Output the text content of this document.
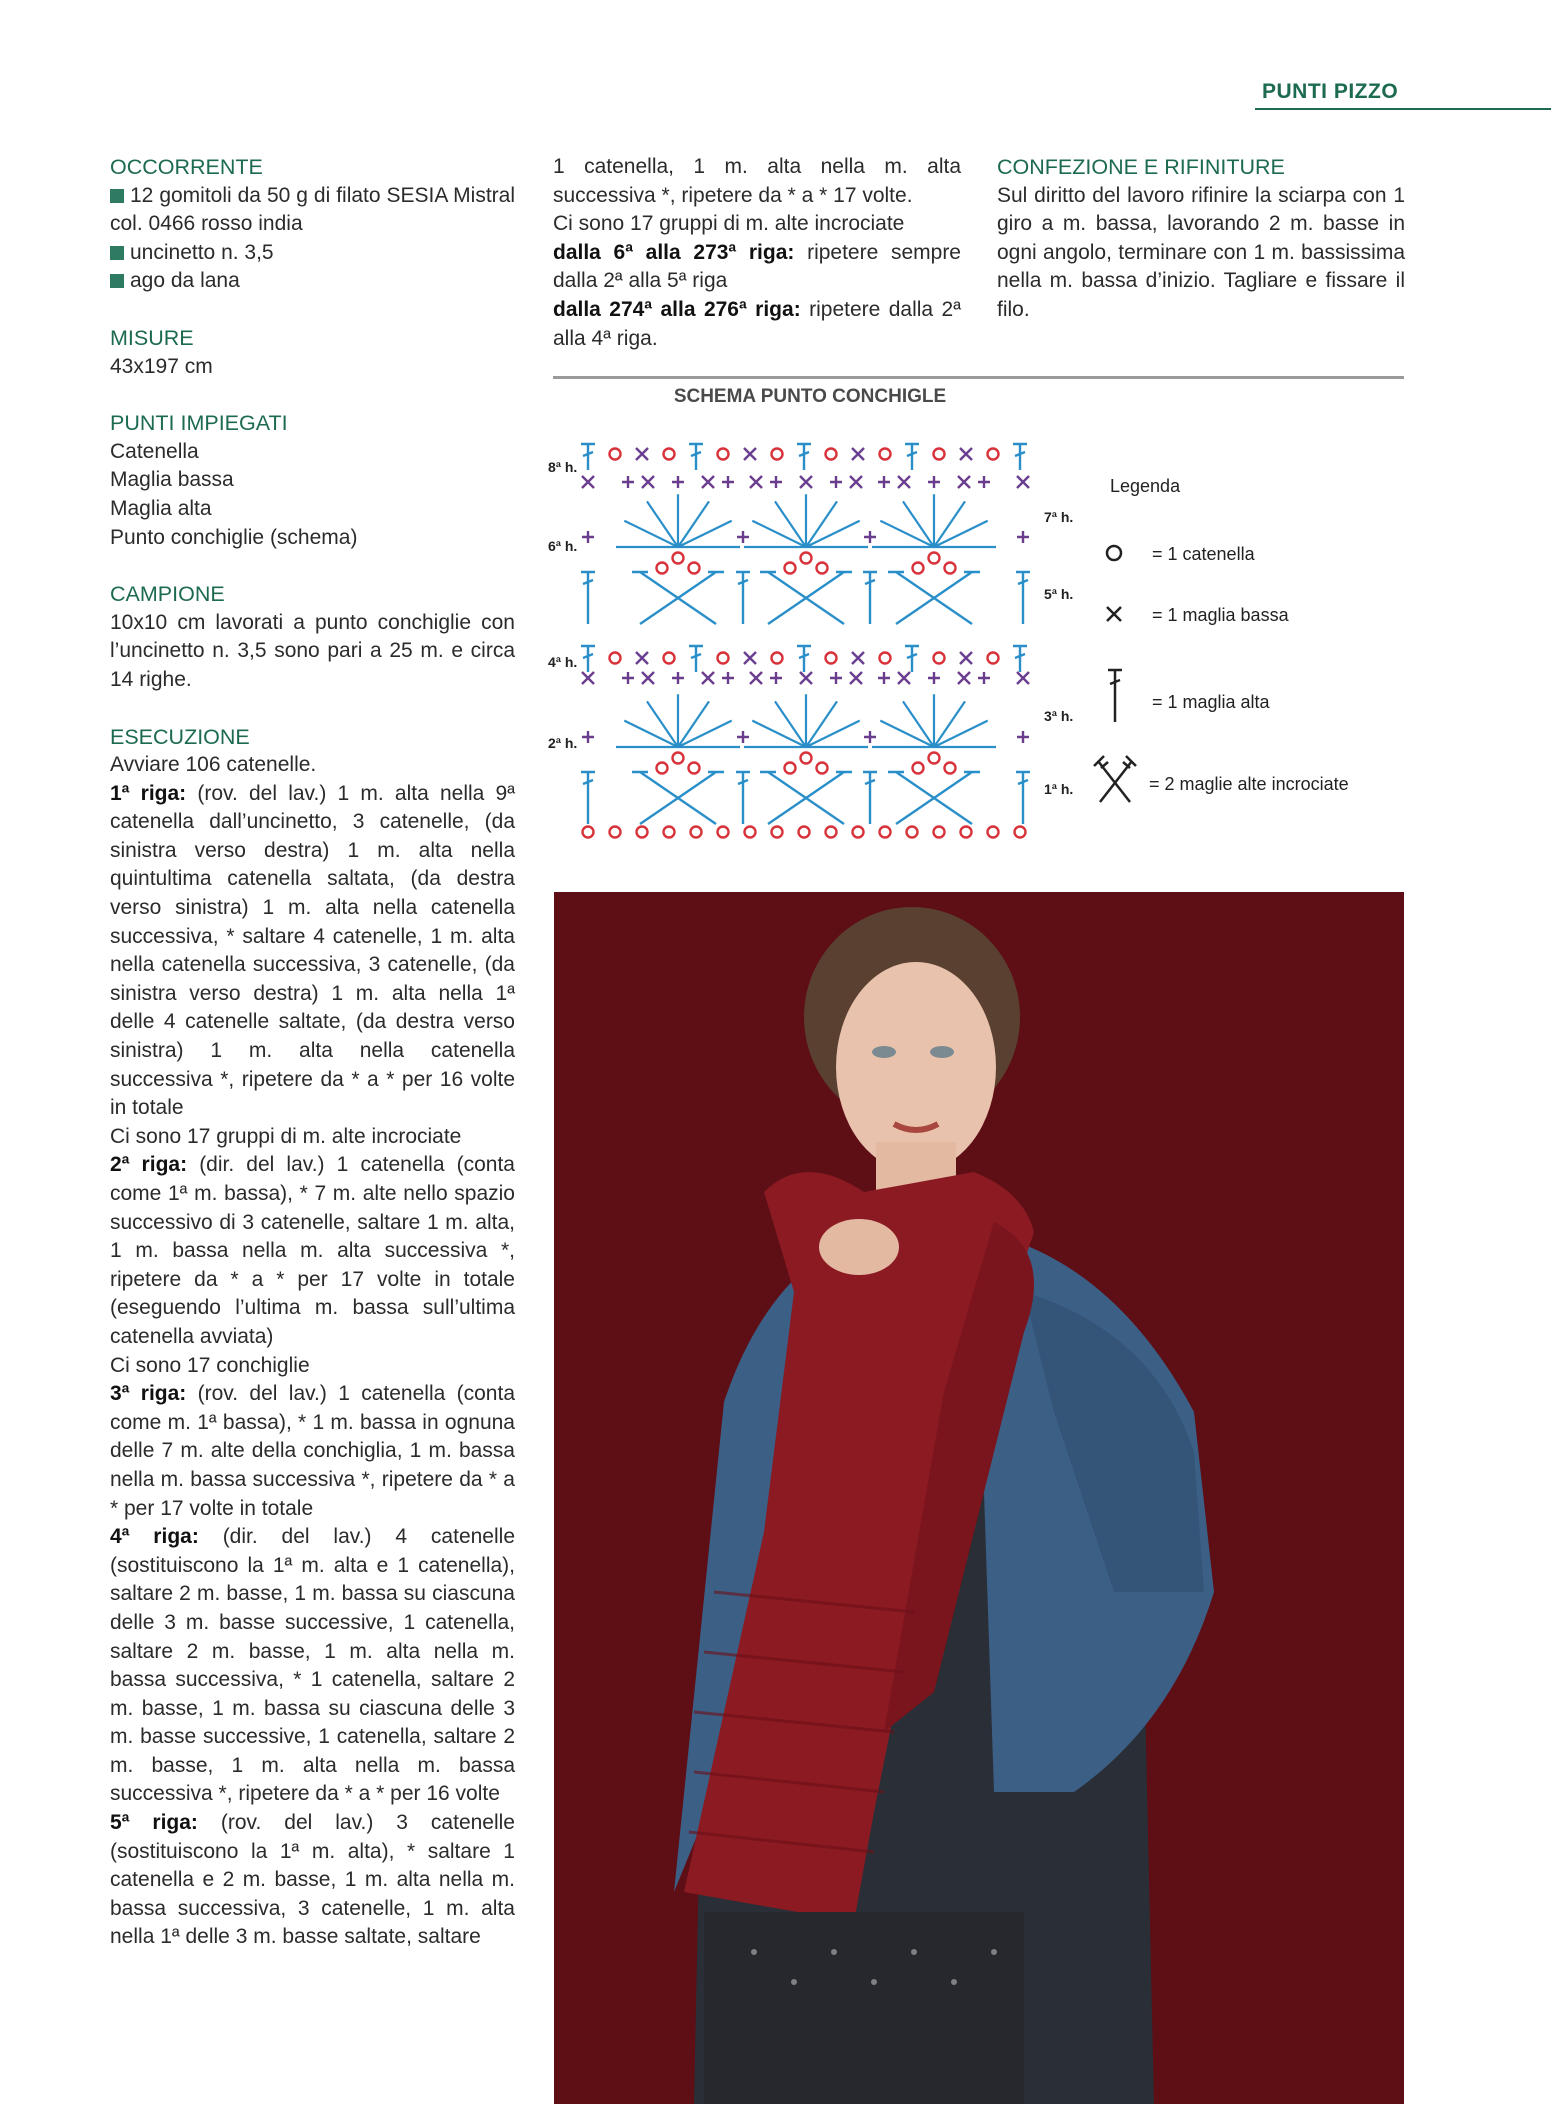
PUNTI PIZZO

OCCORRENTE

12 gomitoli da 50 g di filato SESIA Mistral col. 0466 rosso india

uncinetto n. 3,5

ago da lana

MISURE

43x197 cm

PUNTI IMPIEGATI

Catenella

Maglia bassa

Maglia alta

Punto conchiglie (schema)

CAMPIONE

10x10 cm lavorati a punto conchiglie con l’uncinetto n. 3,5 sono pari a 25 m. e circa 14 righe.

ESECUZIONE

Avviare 106 catenelle.

1ª riga: (rov. del lav.) 1 m. alta nella 9ª catenella dall’uncinetto, 3 catenelle, (da sinistra verso destra) 1 m. alta nella quintultima catenella saltata, (da destra verso sinistra) 1 m. alta nella catenella successiva, * saltare 4 catenelle, 1 m. alta nella catenella successiva, 3 catenelle, (da sinistra verso destra) 1 m. alta nella 1ª delle 4 catenelle saltate, (da destra verso sinistra) 1 m. alta nella catenella successiva *, ripetere da * a * per 16 volte in totale

Ci sono 17 gruppi di m. alte incrociate

2ª riga: (dir. del lav.) 1 catenella (conta come 1ª m. bassa), * 7 m. alte nello spazio successivo di 3 catenelle, saltare 1 m. alta, 1 m. bassa nella m. alta successiva *, ripetere da * a * per 17 volte in totale (eseguendo l’ultima m. bassa sull’ultima catenella avviata)

Ci sono 17 conchiglie

3ª riga: (rov. del lav.) 1 catenella (conta come m. 1ª bassa), * 1 m. bassa in ognuna delle 7 m. alte della conchiglia, 1 m. bassa nella m. bassa successiva *, ripetere da * a * per 17 volte in totale

4ª riga: (dir. del lav.) 4 catenelle (sostituiscono la 1ª m. alta e 1 catenella), saltare 2 m. basse, 1 m. bassa su ciascuna delle 3 m. basse successive, 1 catenella, saltare 2 m. basse, 1 m. alta nella m. bassa successiva, * 1 catenella, saltare 2 m. basse, 1 m. bassa su ciascuna delle 3 m. basse successive, 1 catenella, saltare 2 m. basse, 1 m. alta nella m. bassa successiva *, ripetere da * a * per 16 volte

5ª riga: (rov. del lav.) 3 catenelle (sostituiscono la 1ª m. alta), * saltare 1 catenella e 2 m. basse, 1 m. alta nella m. bassa successiva, 3 catenelle, 1 m. alta nella 1ª delle 3 m. basse saltate, saltare

1 catenella, 1 m. alta nella m. alta successiva *, ripetere da * a * 17 volte.

Ci sono 17 gruppi di m. alte incrociate

dalla 6ª alla 273ª riga: ripetere sempre dalla 2ª alla 5ª riga

dalla 274ª alla 276ª riga: ripetere dalla 2ª alla 4ª riga.

CONFEZIONE E RIFINITURE

Sul diritto del lavoro rifinire la sciarpa con 1 giro a m. bassa, lavorando 2 m. basse in ogni angolo, terminare con 1 m. bassissima nella m. bassa d’inizio. Tagliare e fissare il filo.

SCHEMA PUNTO CONCHIGLE
8ª h.
6ª h.
4ª h.
2ª h.
7ª h.
5ª h.
3ª h.
1ª h.
Legenda
= 1 catenella
= 1 maglia bassa
= 1 maglia alta
= 2 maglie alte incrociate
